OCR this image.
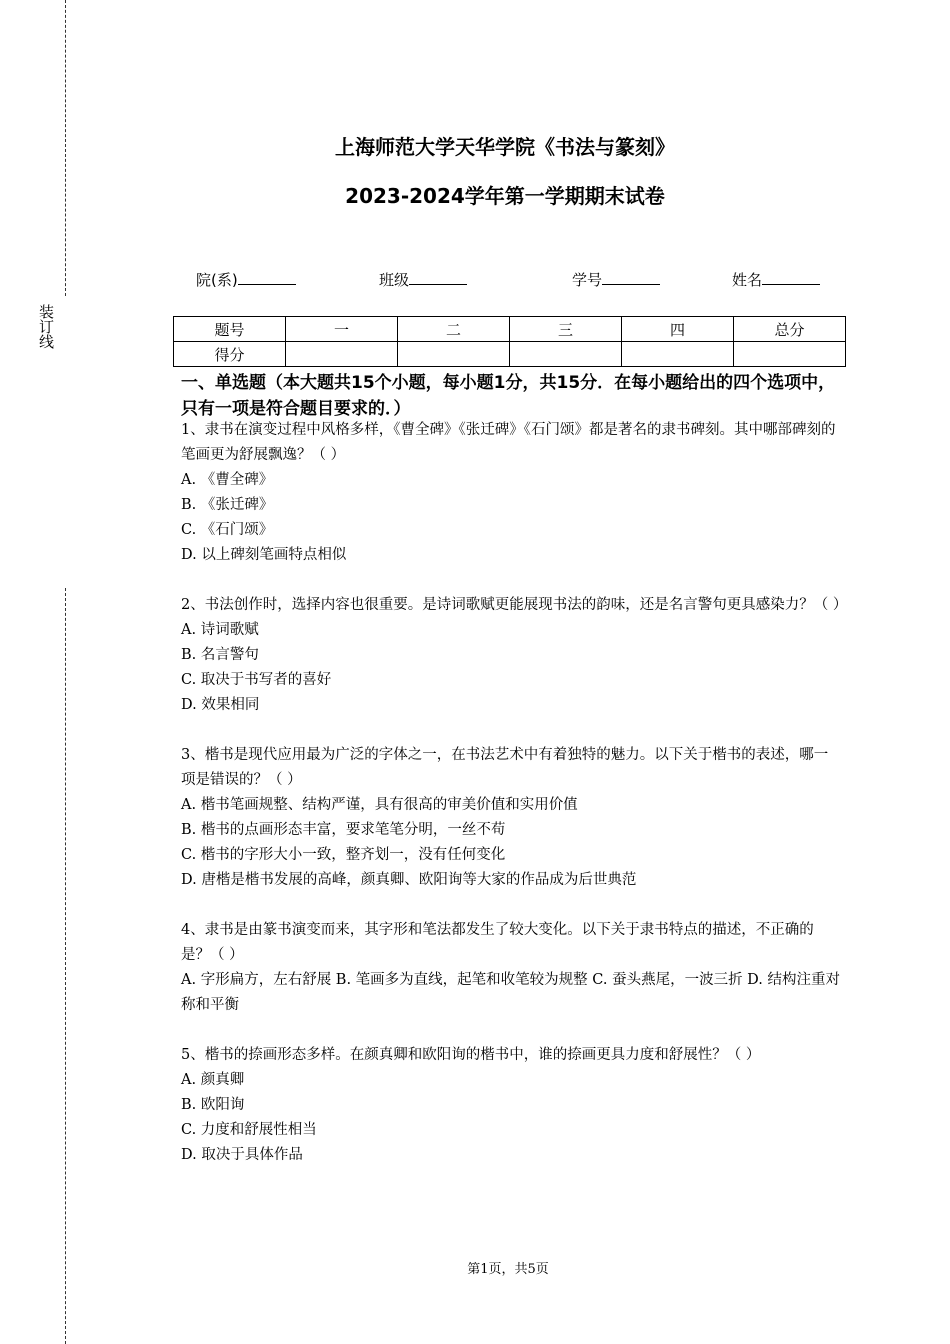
装订线
上海师范大学天华学院《书法与篆刻》
2023-2024学年第一学期期末试卷
院(系)	班级	学号	姓名
题号	一	二	三	四	总分
得分					
一、单选题（本大题共15个小题，每小题1分，共15分．在每小题给出的四个选项中，只有一项是符合题目要求的．）

1、隶书在演变过程中风格多样，《曹全碑》《张迁碑》《石门颂》都是著名的隶书碑刻。其中哪部碑刻的笔画更为舒展飘逸？（ ）

A. 《曹全碑》

B. 《张迁碑》

C. 《石门颂》

D. 以上碑刻笔画特点相似

2、书法创作时，选择内容也很重要。是诗词歌赋更能展现书法的韵味，还是名言警句更具感染力？（ ）

A. 诗词歌赋

B. 名言警句

C. 取决于书写者的喜好

D. 效果相同

3、楷书是现代应用最为广泛的字体之一，在书法艺术中有着独特的魅力。以下关于楷书的表述，哪一项是错误的？（ ）

A. 楷书笔画规整、结构严谨，具有很高的审美价值和实用价值

B. 楷书的点画形态丰富，要求笔笔分明，一丝不苟

C. 楷书的字形大小一致，整齐划一，没有任何变化

D. 唐楷是楷书发展的高峰，颜真卿、欧阳询等大家的作品成为后世典范

4、隶书是由篆书演变而来，其字形和笔法都发生了较大变化。以下关于隶书特点的描述，不正确的是？（ ）

A. 字形扁方，左右舒展 B. 笔画多为直线，起笔和收笔较为规整 C. 蚕头燕尾，一波三折 D. 结构注重对称和平衡

5、楷书的捺画形态多样。在颜真卿和欧阳询的楷书中，谁的捺画更具力度和舒展性？（ ）

A. 颜真卿

B. 欧阳询

C. 力度和舒展性相当

D. 取决于具体作品

第1页，共5页
